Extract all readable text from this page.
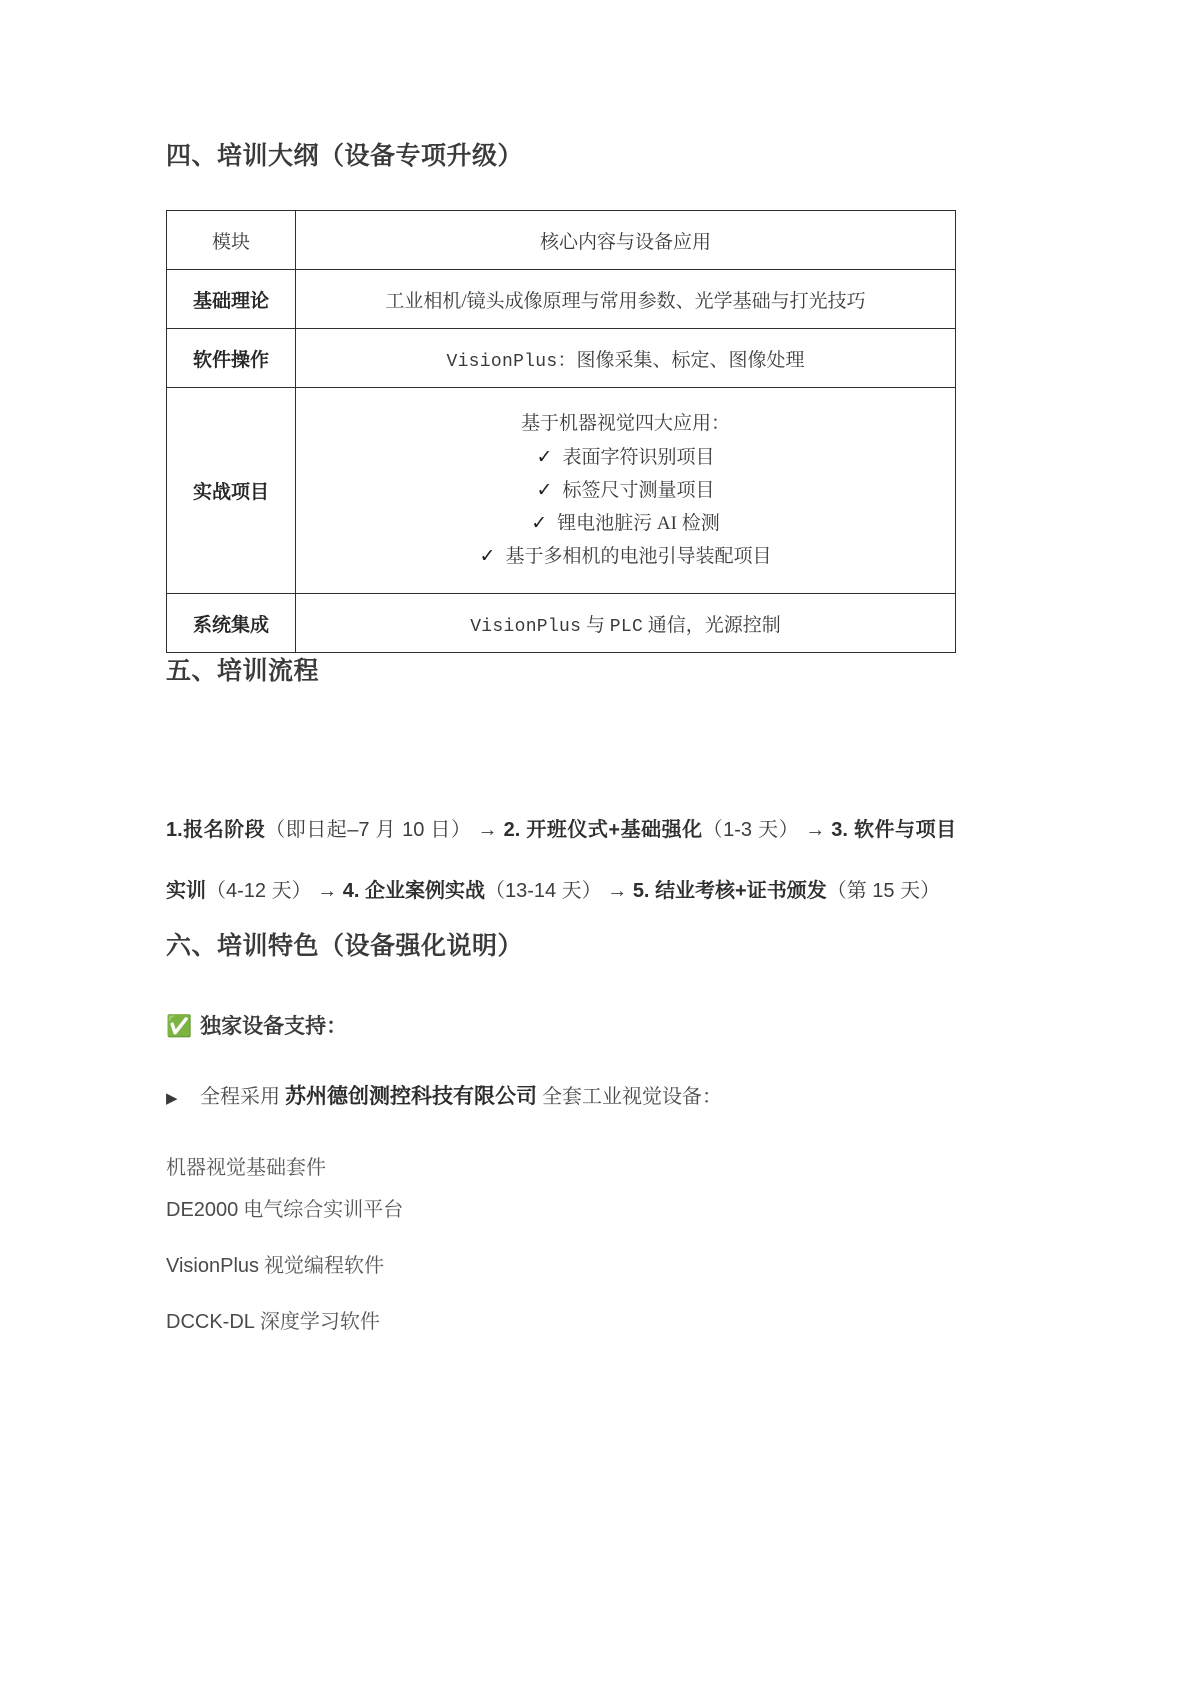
四、培训大纲（设备专项升级）
模块	核心内容与设备应用
基础理论	工业相机/镜头成像原理与常用参数、光学基础与打光技巧
软件操作	VisionPlus：图像采集、标定、图像处理
实战项目	基于机器视觉四大应用：
✓ 表面字符识别项目
✓ 标签尺寸测量项目
✓ 锂电池脏污 AI 检测
✓ 基于多相机的电池引导装配项目

系统集成	VisionPlus 与 PLC 通信，光源控制
五、培训流程

1.报名阶段（即日起–7 月 10 日） → 2. 开班仪式+基础强化（1-3 天） → 3. 软件与项目实训（4-12 天） → 4. 企业案例实战（13-14 天） → 5. 结业考核+证书颁发（第 15 天）

六、培训特色（设备强化说明）
✅ 独家设备支持：
▶ 全程采用 苏州德创测控科技有限公司 全套工业视觉设备：
机器视觉基础套件
DE2000 电气综合实训平台
VisionPlus 视觉编程软件
DCCK-DL 深度学习软件
